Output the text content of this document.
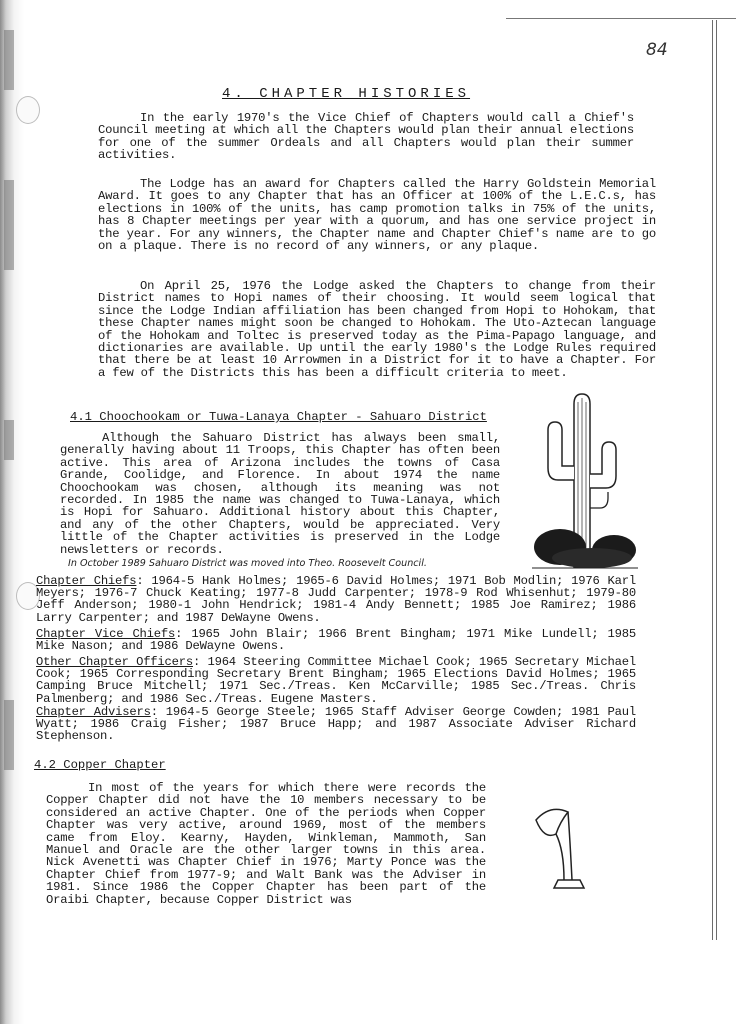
84
4. CHAPTER HISTORIES

In the early 1970's the Vice Chief of Chapters would call a Chief's Council meeting at which all the Chapters would plan their annual elections for one of the summer Ordeals and all Chapters would plan their summer activities.

The Lodge has an award for Chapters called the Harry Goldstein Memorial Award. It goes to any Chapter that has an Officer at 100% of the L.E.C.s, has elections in 100% of the units, has camp promotion talks in 75% of the units, has 8 Chapter meetings per year with a quorum, and has one service project in the year. For any winners, the Chapter name and Chapter Chief's name are to go on a plaque. There is no record of any winners, or any plaque.

On April 25, 1976 the Lodge asked the Chapters to change from their District names to Hopi names of their choosing. It would seem logical that since the Lodge Indian affiliation has been changed from Hopi to Hohokam, that these Chapter names might soon be changed to Hohokam. The Uto-Aztecan language of the Hohokam and Toltec is preserved today as the Pima-Papago language, and dictionaries are available. Up until the early 1980's the Lodge Rules required that there be at least 10 Arrowmen in a District for it to have a Chapter. For a few of the Districts this has been a difficult criteria to meet.

4.1 Choochookam or Tuwa-Lanaya Chapter - Sahuaro District

Although the Sahuaro District has always been small, generally having about 11 Troops, this Chapter has often been active. This area of Arizona includes the towns of Casa Grande, Coolidge, and Florence. In about 1974 the name Choochookam was chosen, although its meaning was not recorded. In 1985 the name was changed to Tuwa-Lanaya, which is Hopi for Sahuaro. Additional history about this Chapter, and any of the other Chapters, would be appreciated. Very little of the Chapter activities is preserved in the Lodge newsletters or records.

In October 1989 Sahuaro District was moved into Theo. Roosevelt Council.

Chapter Chiefs: 1964-5 Hank Holmes; 1965-6 David Holmes; 1971 Bob Modlin; 1976 Karl Meyers; 1976-7 Chuck Keating; 1977-8 Judd Carpenter; 1978-9 Rod Whisenhut; 1979-80 Jeff Anderson; 1980-1 John Hendrick; 1981-4 Andy Bennett; 1985 Joe Ramirez; 1986 Larry Carpenter; and 1987 DeWayne Owens.

Chapter Vice Chiefs: 1965 John Blair; 1966 Brent Bingham; 1971 Mike Lundell; 1985 Mike Nason; and 1986 DeWayne Owens.

Other Chapter Officers: 1964 Steering Committee Michael Cook; 1965 Secretary Michael Cook; 1965 Corresponding Secretary Brent Bingham; 1965 Elections David Holmes; 1965 Camping Bruce Mitchell; 1971 Sec./Treas. Ken McCarville; 1985 Sec./Treas. Chris Palmenberg; and 1986 Sec./Treas. Eugene Masters.

Chapter Advisers: 1964-5 George Steele; 1965 Staff Adviser George Cowden; 1981 Paul Wyatt; 1986 Craig Fisher; 1987 Bruce Happ; and 1987 Associate Adviser Richard Stephenson.

4.2 Copper Chapter

In most of the years for which there were records the Copper Chapter did not have the 10 members necessary to be considered an active Chapter. One of the periods when Copper Chapter was very active, around 1969, most of the members came from Eloy. Kearny, Hayden, Winkleman, Mammoth, San Manuel and Oracle are the other larger towns in this area. Nick Avenetti was Chapter Chief in 1976; Marty Ponce was the Chapter Chief from 1977-9; and Walt Bank was the Adviser in 1981. Since 1986 the Copper Chapter has been part of the Oraibi Chapter, because Copper District was
